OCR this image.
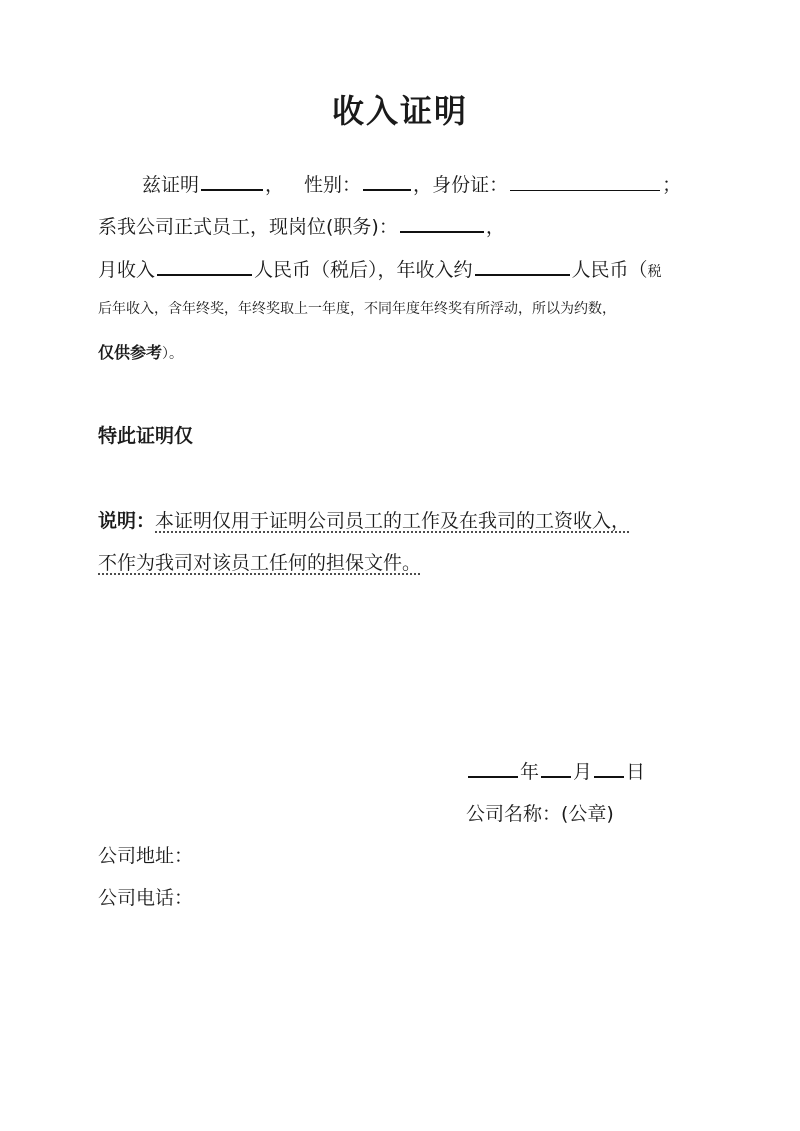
收入证明
兹证明	， 性别：	，身份证：	；
系我公司正式员工，现岗位(职务)：	，
月收入	人民币（税后），年收入约	人民币（税
后年收入，含年终奖，年终奖取上一年度，不同年度年终奖有所浮动，所以为约数，
仅供参考）。
特此证明仅
说明：本证明仅用于证明公司员工的工作及在我司的工资收入，
不作为我司对该员工任何的担保文件。
年 月 日
公司名称：(公章)
公司地址：
公司电话：
